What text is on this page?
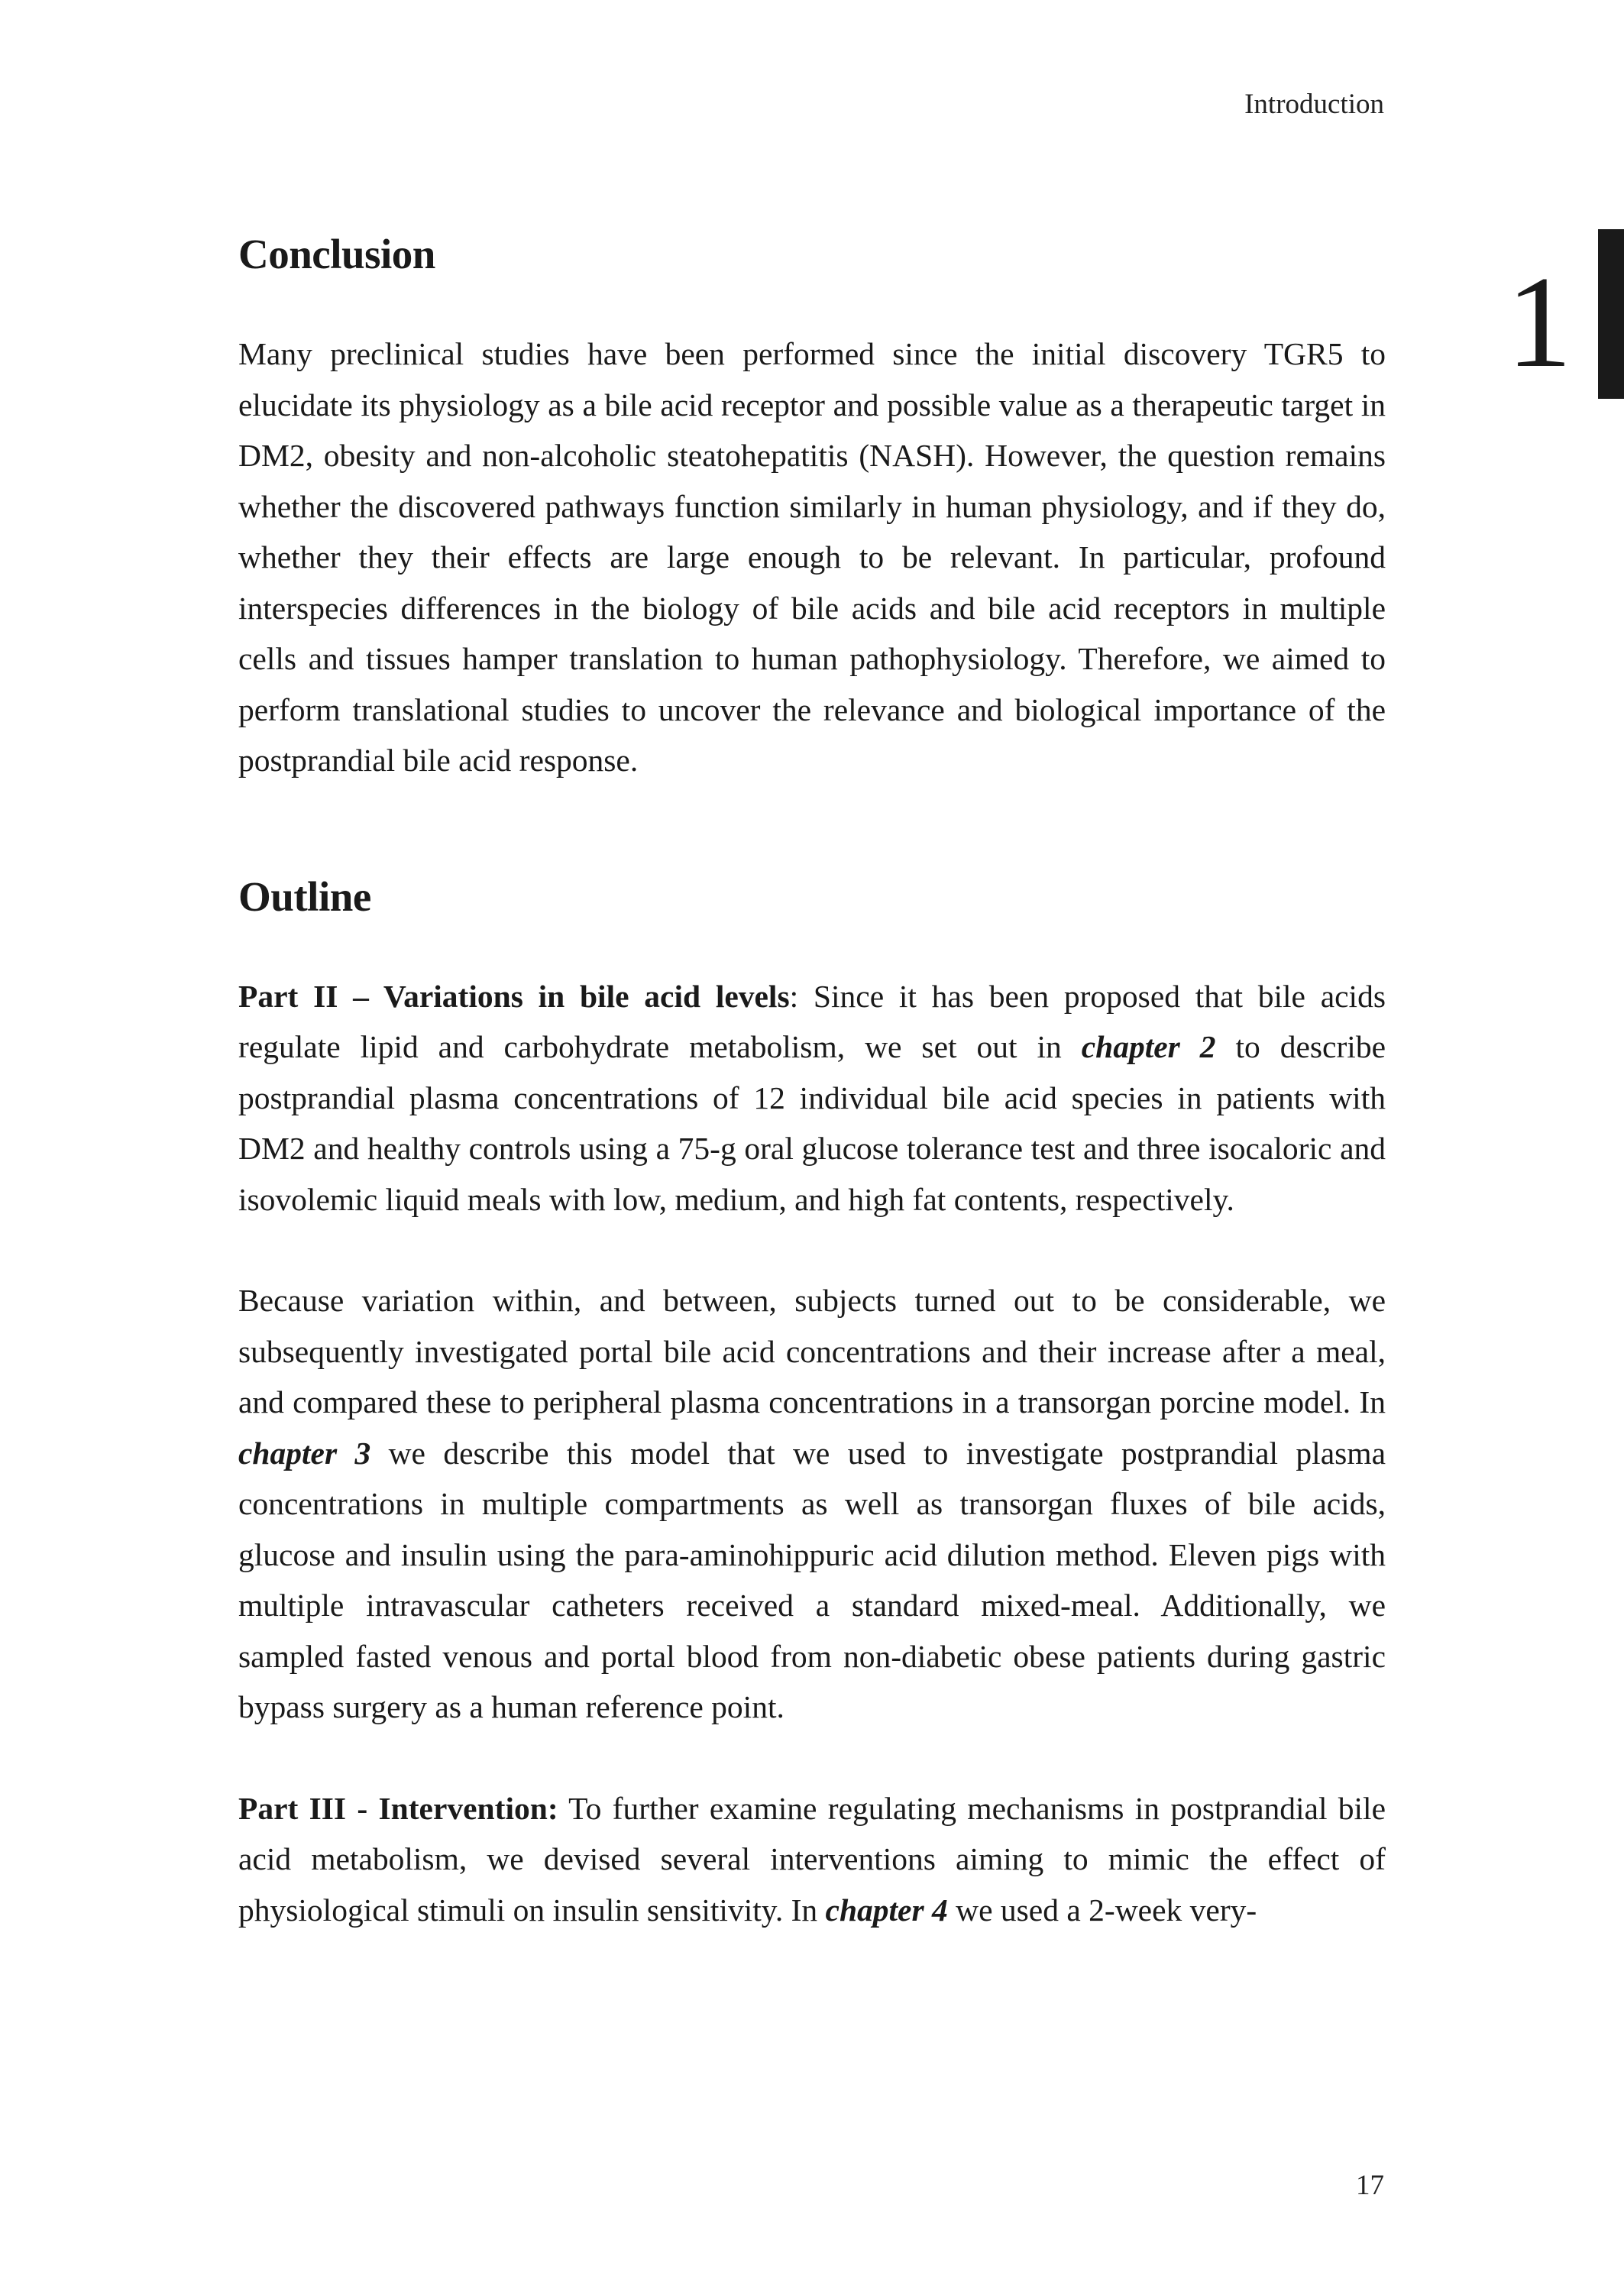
Introduction
1
Conclusion

Many preclinical studies have been performed since the initial discovery TGR5 to elucidate its physiology as a bile acid receptor and possible value as a therapeutic target in DM2, obesity and non-alcoholic steatohepatitis (NASH). However, the question remains whether the discovered pathways function similarly in human physiology, and if they do, whether they their effects are large enough to be relevant. In particular, profound interspecies differences in the biology of bile acids and bile acid receptors in multiple cells and tissues hamper translation to human pathophysiology. Therefore, we aimed to perform translational studies to uncover the relevance and biological importance of the postprandial bile acid response.

Outline

Part II – Variations in bile acid levels: Since it has been proposed that bile acids regulate lipid and carbohydrate metabolism, we set out in chapter 2 to describe postprandial plasma concentrations of 12 individual bile acid species in patients with DM2 and healthy controls using a 75-g oral glucose tolerance test and three isocaloric and isovolemic liquid meals with low, medium, and high fat contents, respectively.

Because variation within, and between, subjects turned out to be considerable, we subsequently investigated portal bile acid concentrations and their increase after a meal, and compared these to peripheral plasma concentrations in a transorgan porcine model. In chapter 3 we describe this model that we used to investigate postprandial plasma concentrations in multiple compartments as well as transorgan fluxes of bile acids, glucose and insulin using the para-aminohippuric acid dilution method. Eleven pigs with multiple intravascular catheters received a standard mixed-meal. Additionally, we sampled fasted venous and portal blood from non-diabetic obese patients during gastric bypass surgery as a human reference point.

Part III - Intervention: To further examine regulating mechanisms in postprandial bile acid metabolism, we devised several interventions aiming to mimic the effect of physiological stimuli on insulin sensitivity. In chapter 4 we used a 2-week very-

17
